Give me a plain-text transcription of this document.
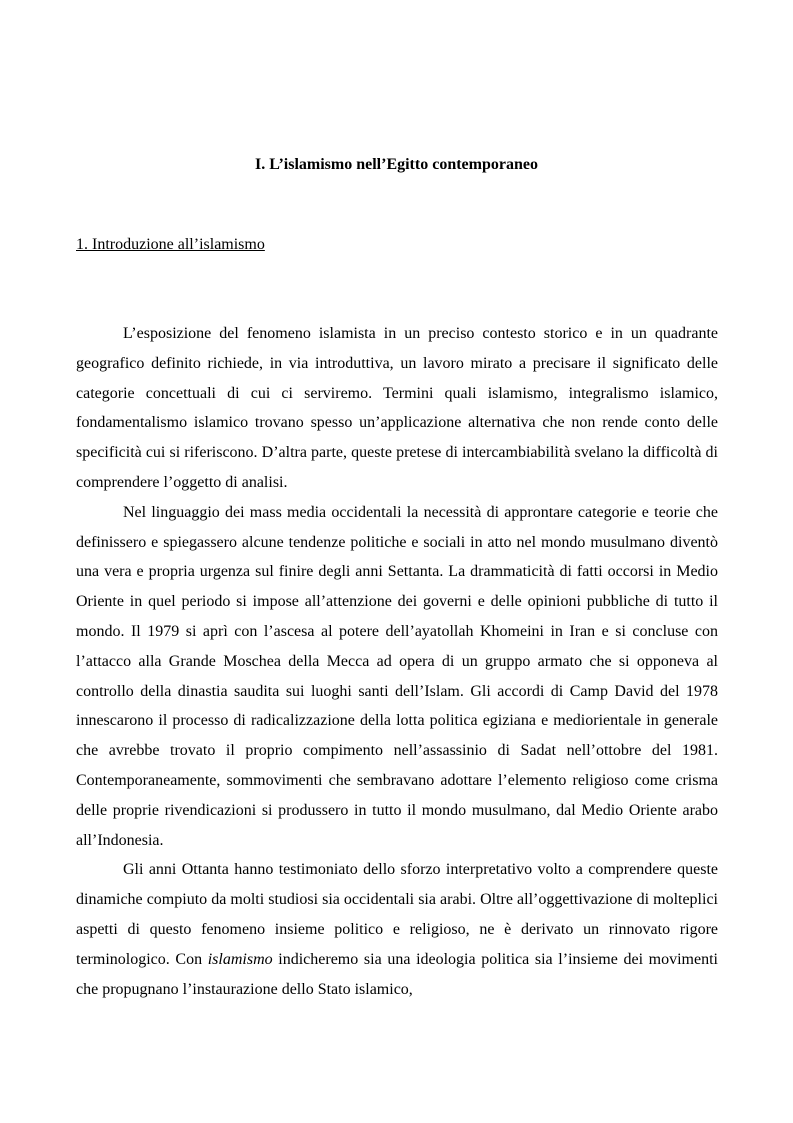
I. L’islamismo nell’Egitto contemporaneo
1. Introduzione all’islamismo

L’esposizione del fenomeno islamista in un preciso contesto storico e in un quadrante geografico definito richiede, in via introduttiva, un lavoro mirato a precisare il significato delle categorie concettuali di cui ci serviremo. Termini quali islamismo, integralismo islamico, fondamentalismo islamico trovano spesso un’applicazione alternativa che non rende conto delle specificità cui si riferiscono. D’altra parte, queste pretese di intercambiabilità svelano la difficoltà di comprendere l’oggetto di analisi.

Nel linguaggio dei mass media occidentali la necessità di approntare categorie e teorie che definissero e spiegassero alcune tendenze politiche e sociali in atto nel mondo musulmano diventò una vera e propria urgenza sul finire degli anni Settanta. La drammaticità di fatti occorsi in Medio Oriente in quel periodo si impose all’attenzione dei governi e delle opinioni pubbliche di tutto il mondo. Il 1979 si aprì con l’ascesa al potere dell’ayatollah Khomeini in Iran e si concluse con l’attacco alla Grande Moschea della Mecca ad opera di un gruppo armato che si opponeva al controllo della dinastia saudita sui luoghi santi dell’Islam. Gli accordi di Camp David del 1978 innescarono il processo di radicalizzazione della lotta politica egiziana e mediorientale in generale che avrebbe trovato il proprio compimento nell’assassinio di Sadat nell’ottobre del 1981. Contemporaneamente, sommovimenti che sembravano adottare l’elemento religioso come crisma delle proprie rivendicazioni si produssero in tutto il mondo musulmano, dal Medio Oriente arabo all’Indonesia.

Gli anni Ottanta hanno testimoniato dello sforzo interpretativo volto a comprendere queste dinamiche compiuto da molti studiosi sia occidentali sia arabi. Oltre all’oggettivazione di molteplici aspetti di questo fenomeno insieme politico e religioso, ne è derivato un rinnovato rigore terminologico. Con islamismo indicheremo sia una ideologia politica sia l’insieme dei movimenti che propugnano l’instaurazione dello Stato islamico,
